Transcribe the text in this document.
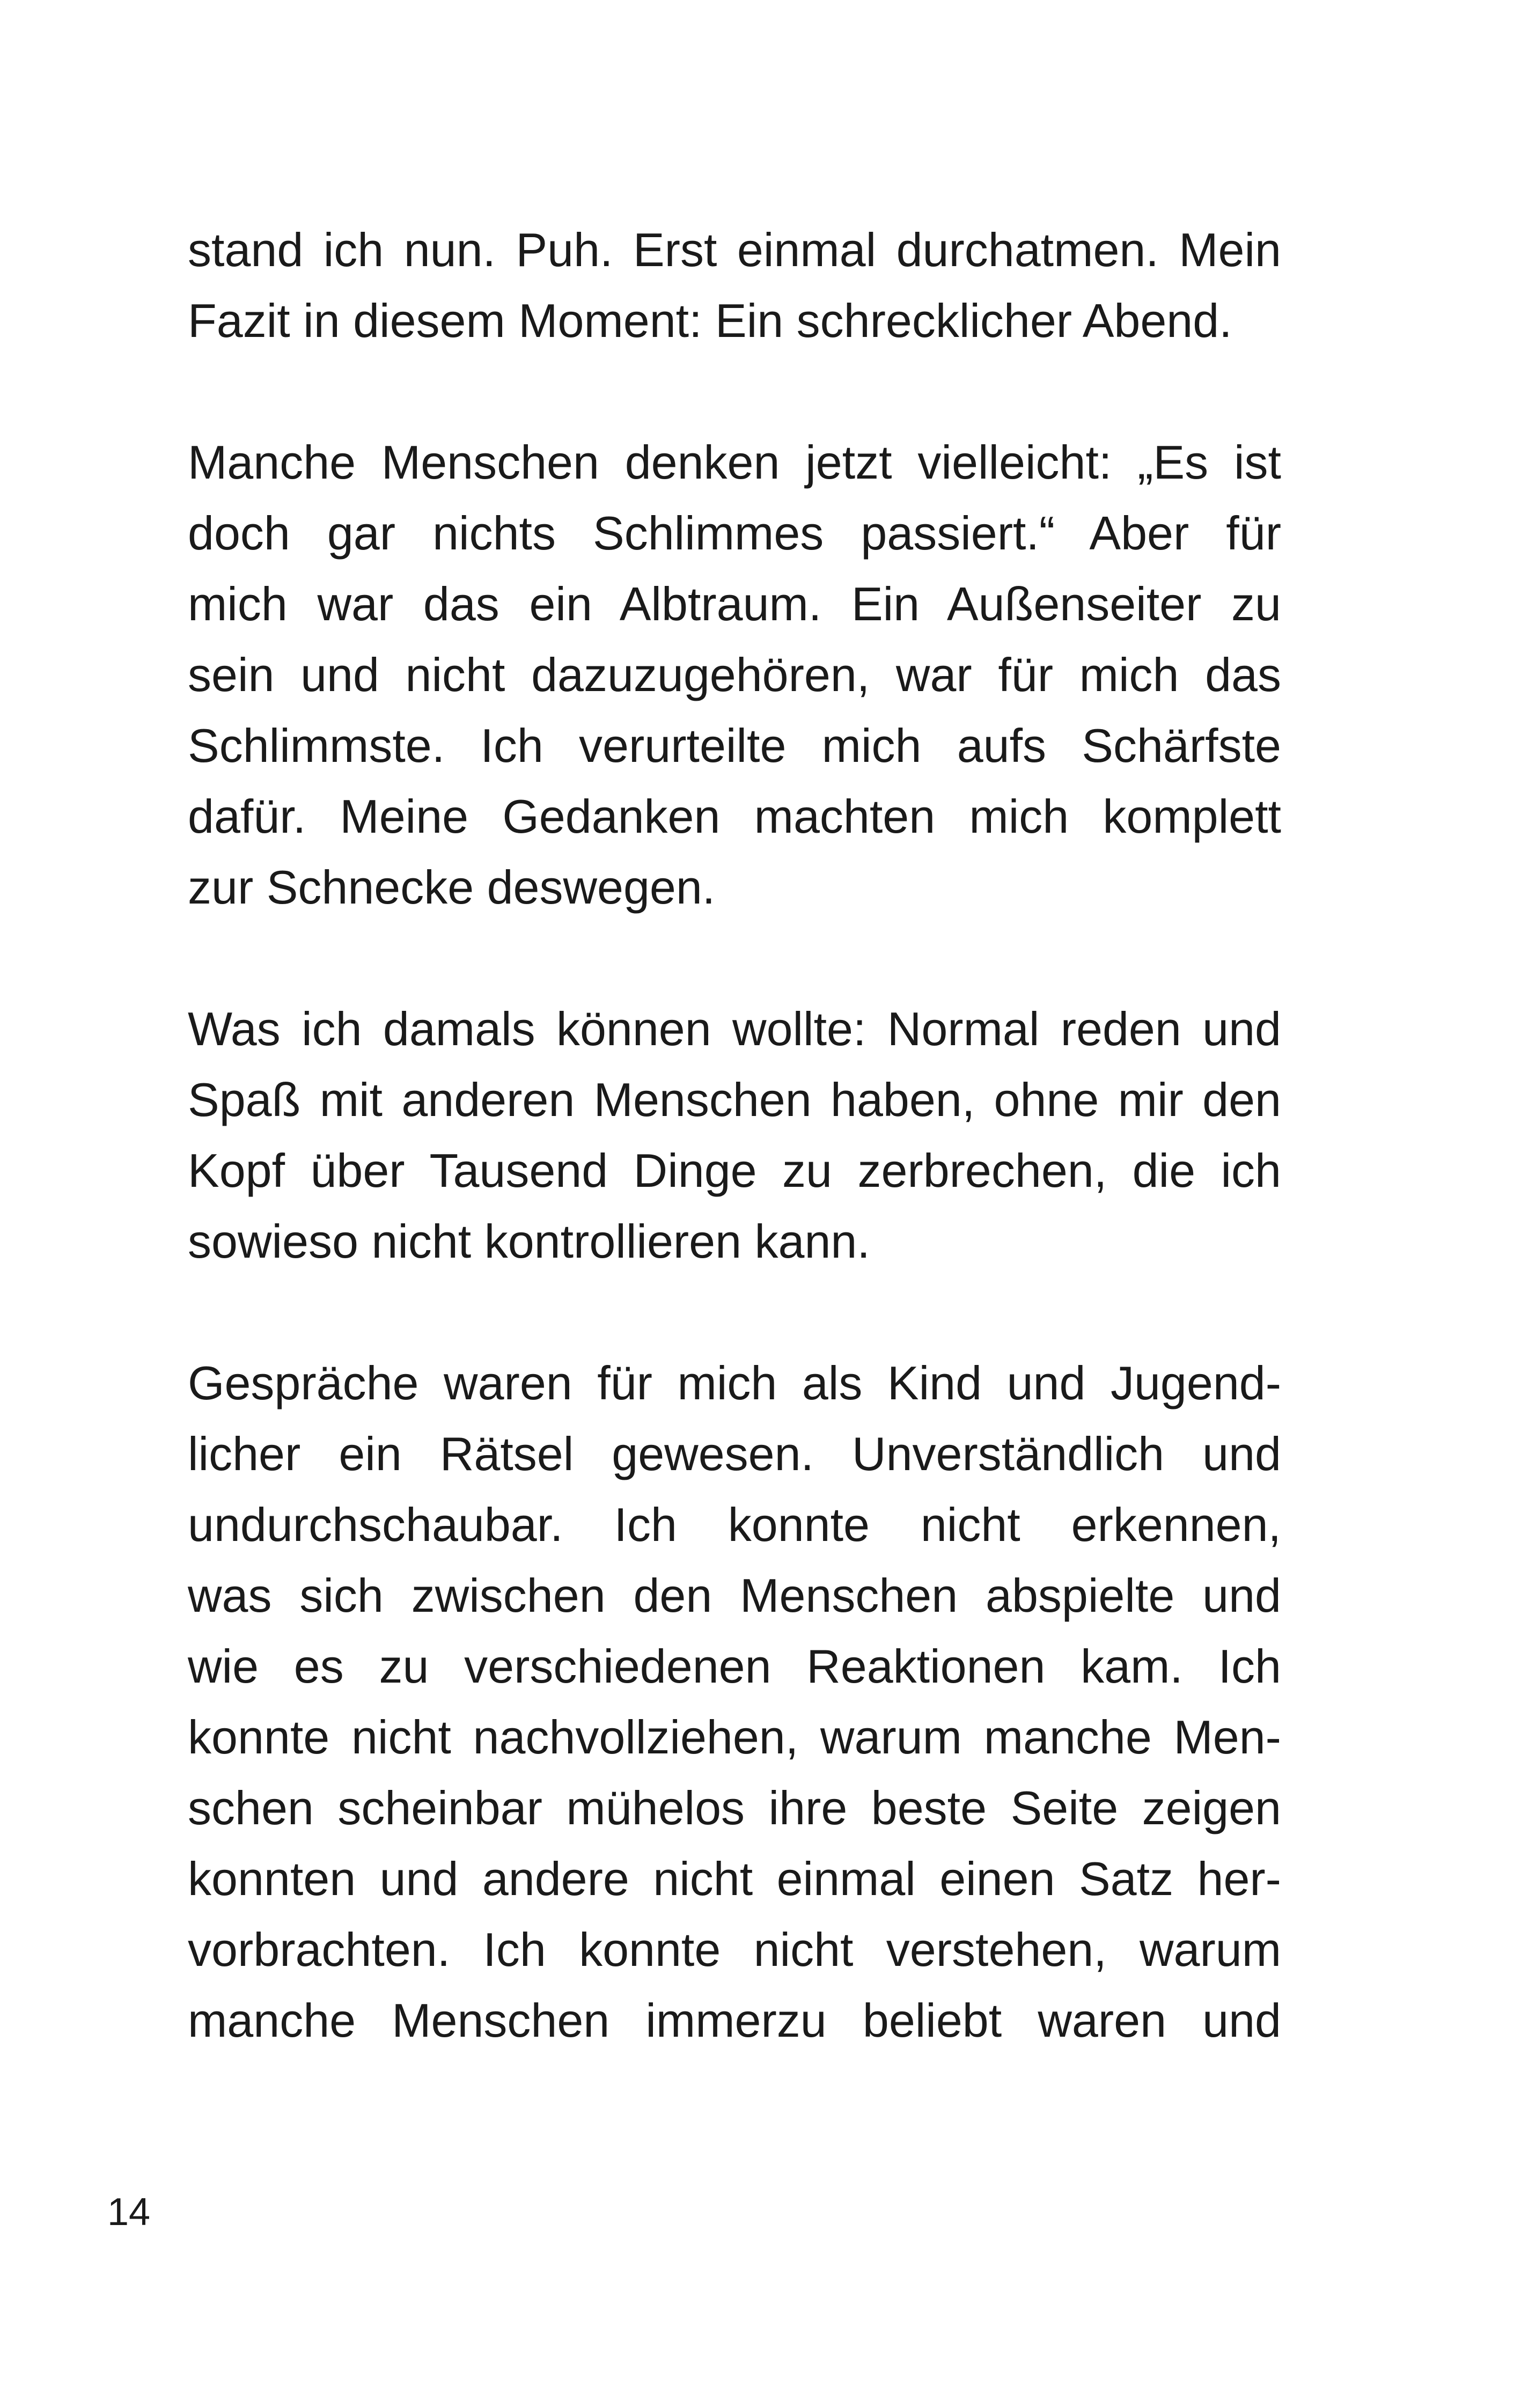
stand ich nun. Puh. Erst einmal durchatmen. Mein
Fazit in diesem Moment: Ein schrecklicher Abend.

Manche Menschen denken jetzt vielleicht: „Es ist
doch gar nichts Schlimmes passiert.“ Aber für
mich war das ein Albtraum. Ein Außenseiter zu
sein und nicht dazuzugehören, war für mich das
Schlimmste. Ich verurteilte mich aufs Schärfste
dafür. Meine Gedanken machten mich komplett
zur Schnecke deswegen.

Was ich damals können wollte: Normal reden und
Spaß mit anderen Menschen haben, ohne mir den
Kopf über Tausend Dinge zu zerbrechen, die ich
sowieso nicht kontrollieren kann.

Gespräche waren für mich als Kind und Jugend-
licher ein Rätsel gewesen. Unverständlich und
undurchschaubar. Ich konnte nicht erkennen,
was sich zwischen den Menschen abspielte und
wie es zu verschiedenen Reaktionen kam. Ich
konnte nicht nachvollziehen, warum manche Men-
schen scheinbar mühelos ihre beste Seite zeigen
konnten und andere nicht einmal einen Satz her-
vorbrachten. Ich konnte nicht verstehen, warum
manche Menschen immerzu beliebt waren und

14
